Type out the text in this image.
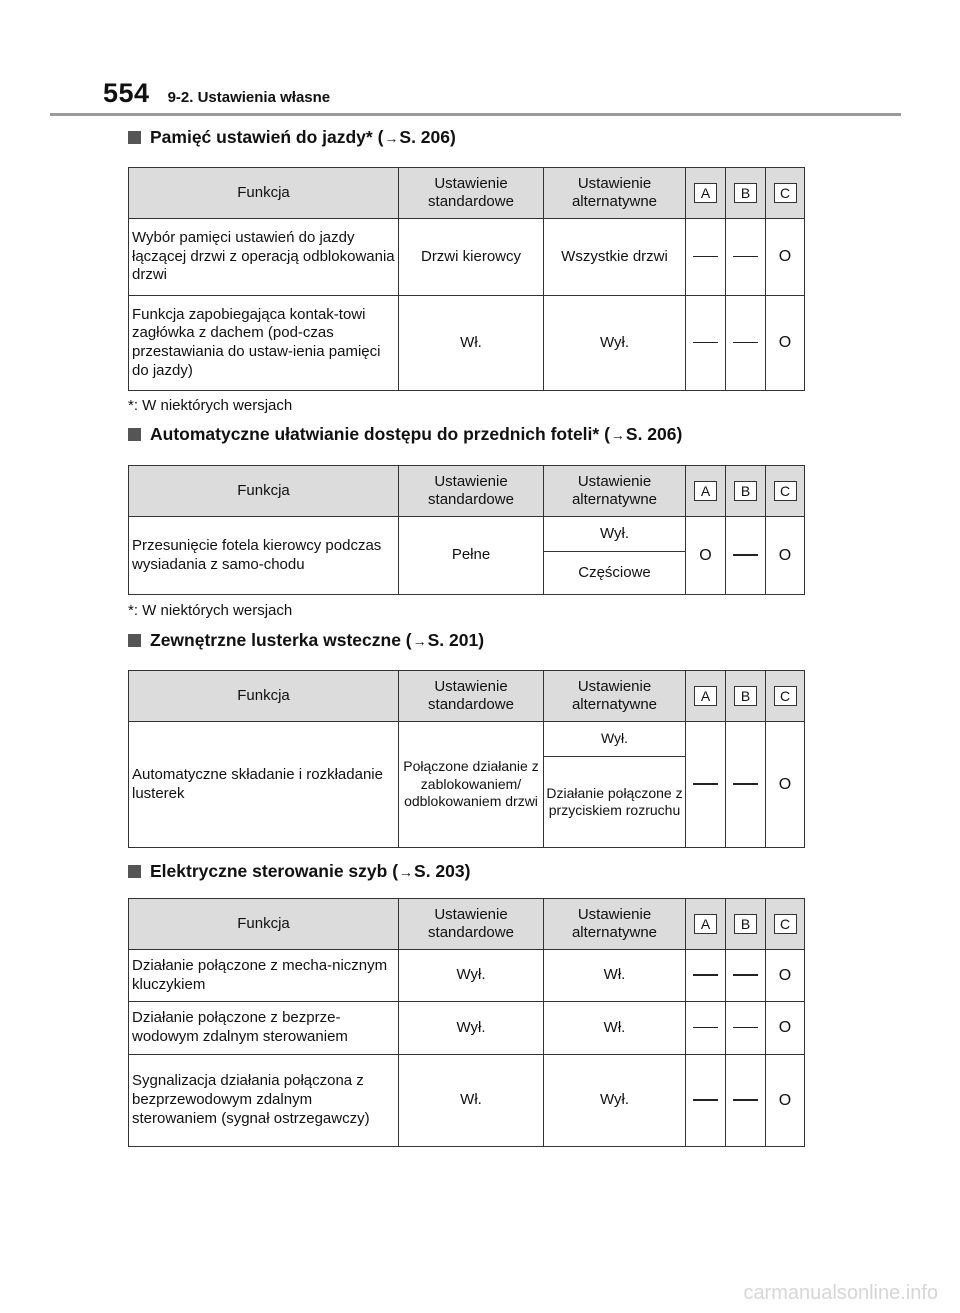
554 9-2. Ustawienia własne
Pamięć ustawień do jazdy* ( → S. 206)
Funkcja	Ustawienie standardowe	Ustawienie alternatywne	A	B	C
Wybór pamięci ustawień do jazdy łączącej drzwi z operacją odblokowania drzwi	Drzwi kierowcy	Wszystkie drzwi			O
Funkcja zapobiegająca kontak-towi zagłówka z dachem (pod-czas przestawiania do ustaw-ienia pamięci do jazdy)	Wł.	Wył.			O
*: W niektórych wersjach
Automatyczne ułatwianie dostępu do przednich foteli* ( → S. 206)
Funkcja	Ustawienie standardowe	Ustawienie alternatywne	A	B	C
Przesunięcie fotela kierowcy podczas wysiadania z samo-chodu	Pełne	Wył.	O		O
		Częściowe			
*: W niektórych wersjach
Zewnętrzne lusterka wsteczne ( → S. 201)
Funkcja	Ustawienie standardowe	Ustawienie alternatywne	A	B	C
Automatyczne składanie i rozkładanie lusterek	Połączone działanie z zablokowaniem/ odblokowaniem drzwi	Wył.			O
		Działanie połączone z przyciskiem rozruchu			
Elektryczne sterowanie szyb ( → S. 203)
Funkcja	Ustawienie standardowe	Ustawienie alternatywne	A	B	C
Działanie połączone z mecha-nicznym kluczykiem	Wył.	Wł.			O
Działanie połączone z bezprze-wodowym zdalnym sterowaniem	Wył.	Wł.			O
Sygnalizacja działania połączona z bezprzewodowym zdalnym sterowaniem (sygnał ostrzegawczy)	Wł.	Wył.			O
carmanualsonline.info
